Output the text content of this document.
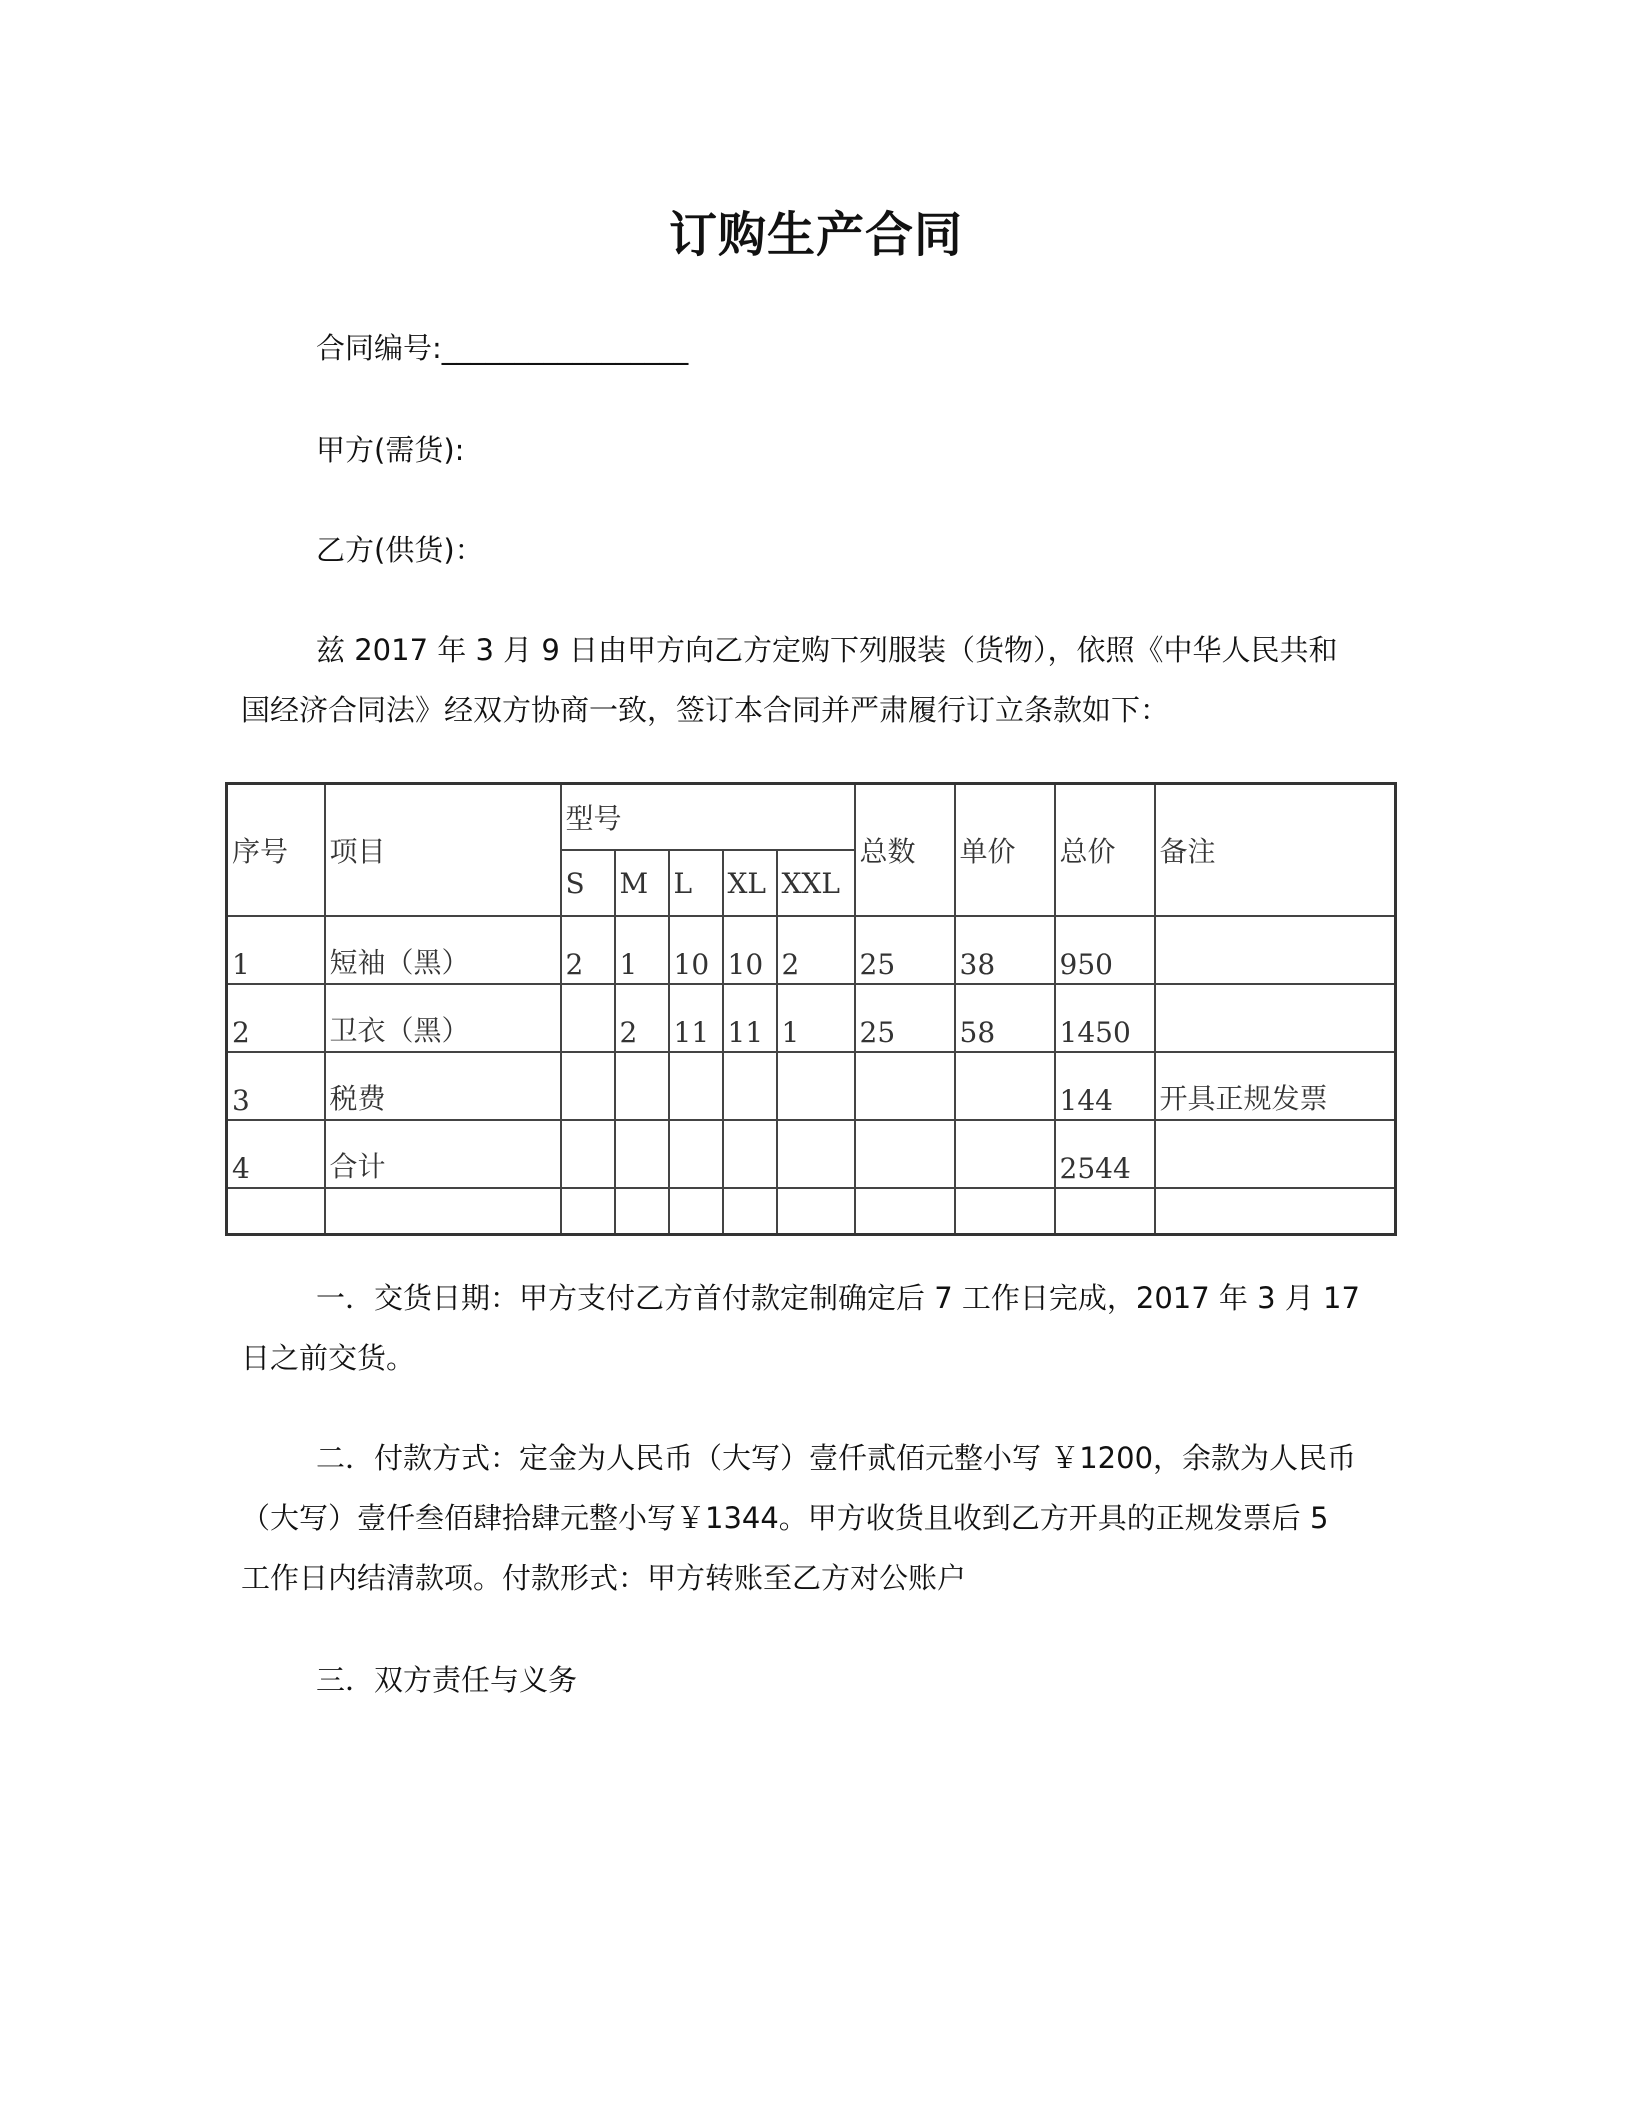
订购生产合同
合同编号:_________________
甲方(需货):
乙方(供货)：
兹 2017 年 3 月 9 日由甲方向乙方定购下列服装（货物），依照《中华人民共和国经济合同法》经双方协商一致，签订本合同并严肃履行订立条款如下：
序号	项目	型号					总数	单价	总价	备注
		S	M	L	XL	XXL				
1	短袖（黑）	2	1	10	10	2	25	38	950	
2	卫衣（黑）		2	11	11	1	25	58	1450	
3	税费								144	开具正规发票
4	合计								2544	

一．交货日期：甲方支付乙方首付款定制确定后 7 工作日完成，2017 年 3 月 17 日之前交货。
二．付款方式：定金为人民币（大写）壹仟贰佰元整小写 ￥1200，余款为人民币（大写）壹仟叁佰肆拾肆元整小写￥1344。甲方收货且收到乙方开具的正规发票后 5 工作日内结清款项。付款形式：甲方转账至乙方对公账户
三．双方责任与义务
